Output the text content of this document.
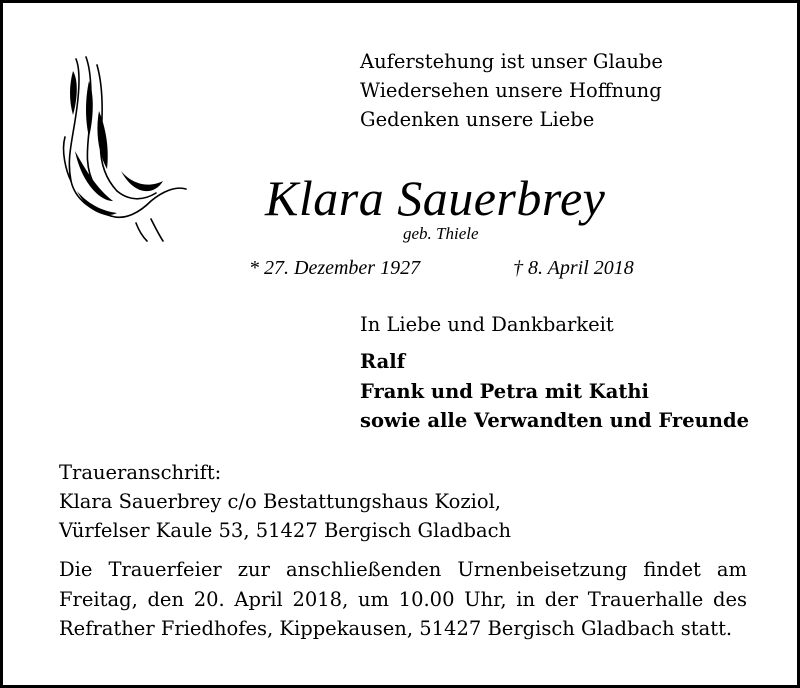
Auferstehung ist unser Glaube
Wiedersehen unsere Hoffnung
Gedenken unsere Liebe
Klara Sauerbrey
geb. Thiele
* 27. Dezember 1927	† 8. April 2018
In Liebe und Dankbarkeit
Ralf
Frank und Petra mit Kathi
sowie alle Verwandten und Freunde
Traueranschrift:
Klara Sauerbrey c/o Bestattungshaus Koziol,
Vürfelser Kaule 53, 51427 Bergisch Gladbach
Die Trauerfeier zur anschließenden Urnenbeisetzung findet am
Freitag, den 20. April 2018, um 10.00 Uhr, in der Trauerhalle des
Refrather Friedhofes, Kippekausen, 51427 Bergisch Gladbach statt.
